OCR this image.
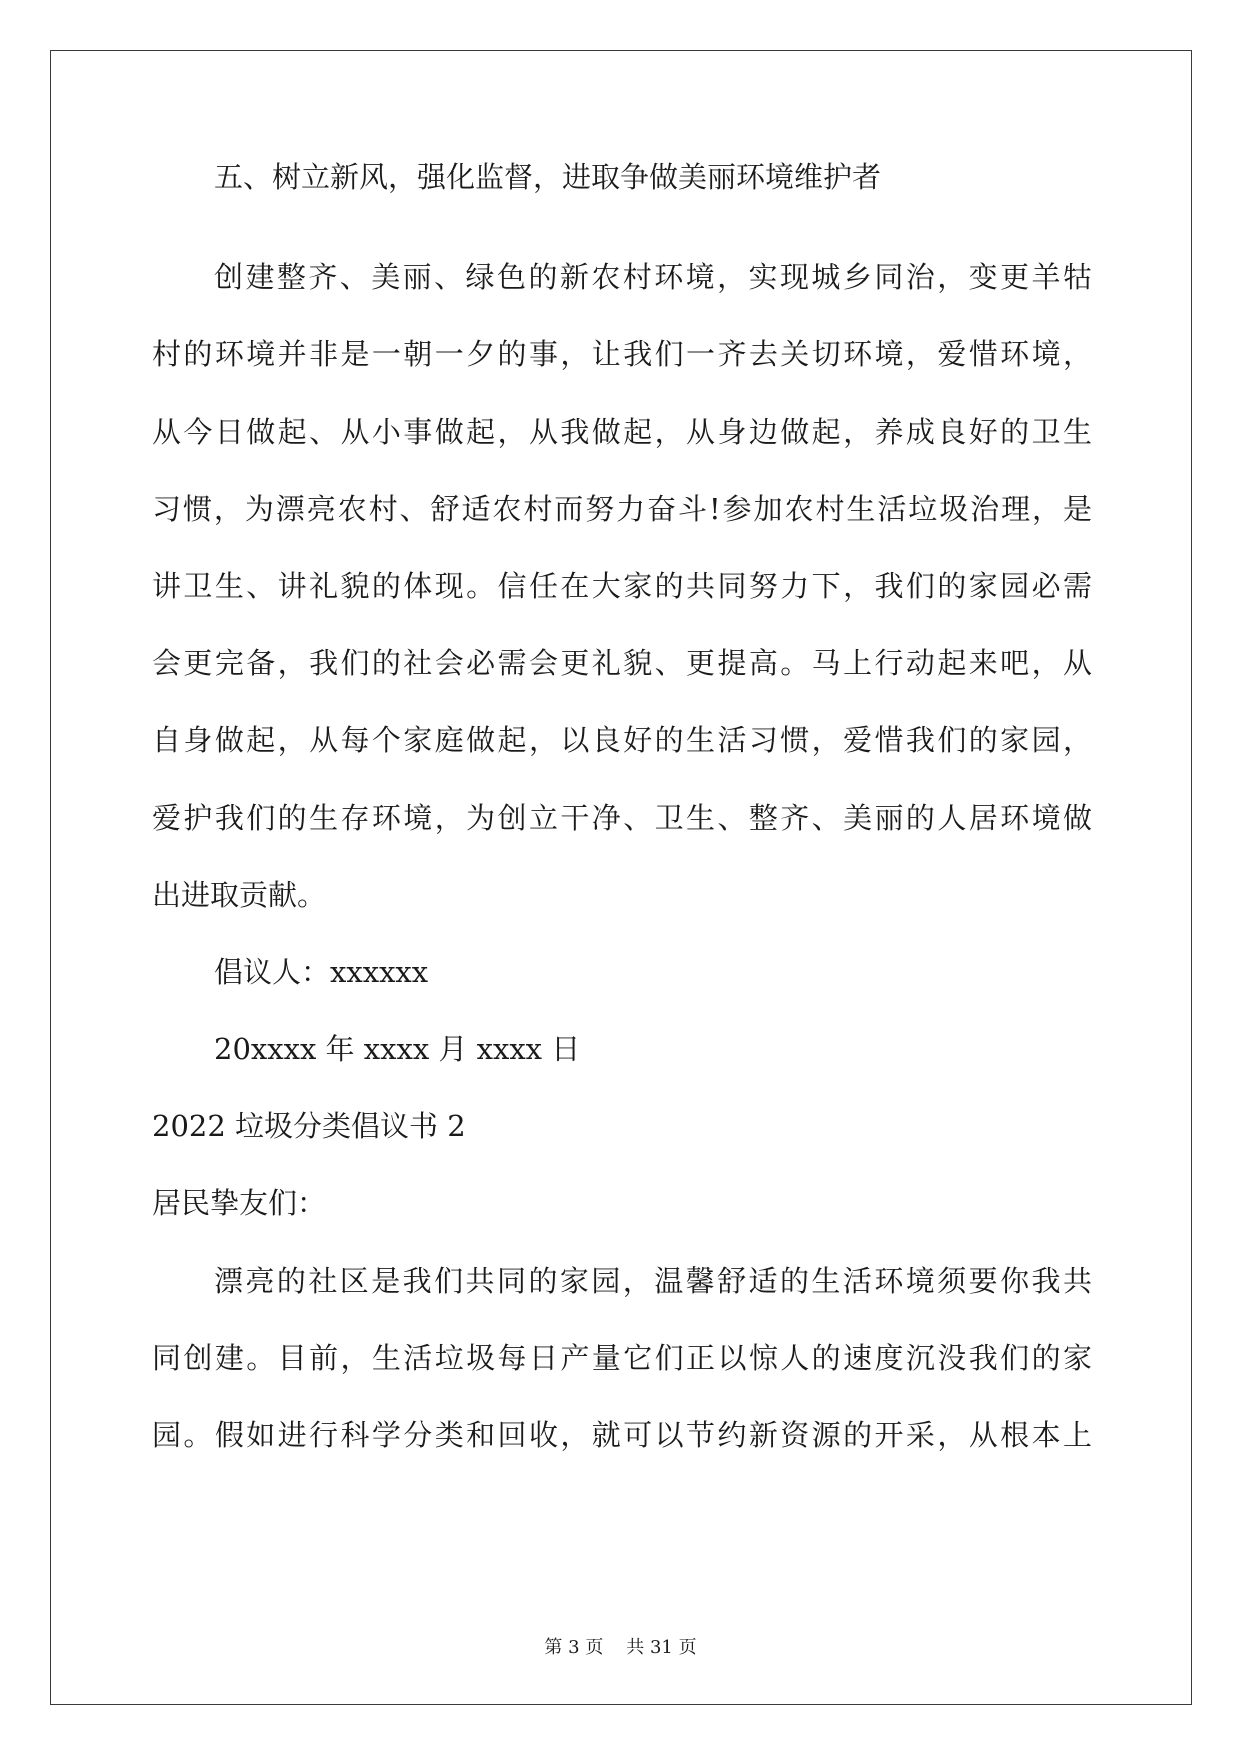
五、树立新风，强化监督，进取争做美丽环境维护者
创建整齐、美丽、绿色的新农村环境，实现城乡同治，变更羊牯
村的环境并非是一朝一夕的事，让我们一齐去关切环境，爱惜环境，
从今日做起、从小事做起，从我做起，从身边做起，养成良好的卫生
习惯，为漂亮农村、舒适农村而努力奋斗!参加农村生活垃圾治理，是
讲卫生、讲礼貌的体现。信任在大家的共同努力下，我们的家园必需
会更完备，我们的社会必需会更礼貌、更提高。马上行动起来吧，从
自身做起，从每个家庭做起，以良好的生活习惯，爱惜我们的家园，
爱护我们的生存环境，为创立干净、卫生、整齐、美丽的人居环境做
出进取贡献。
倡议人：xxxxxx
20xxxx 年 xxxx 月 xxxx 日
2022 垃圾分类倡议书 2
居民挚友们：
漂亮的社区是我们共同的家园，温馨舒适的生活环境须要你我共
同创建。目前，生活垃圾每日产量它们正以惊人的速度沉没我们的家
园。假如进行科学分类和回收，就可以节约新资源的开采，从根本上
第 3 页 共 31 页
